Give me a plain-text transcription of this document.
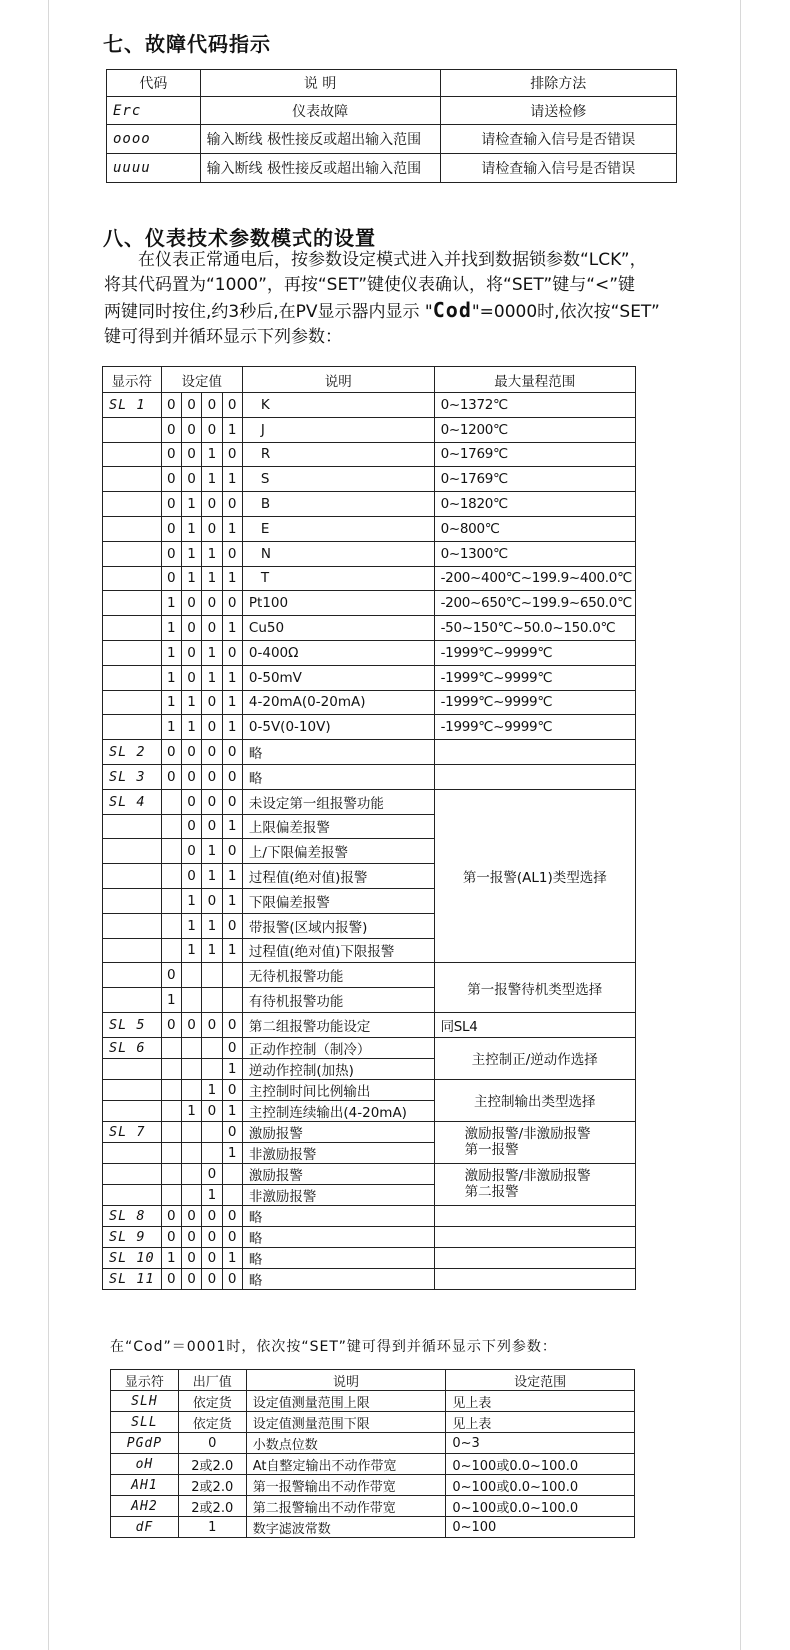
七、故障代码指示
代码	说 明	排除方法
Erc	仪表故障	请送检修
oooo	输入断线 极性接反或超出输入范围	请检查输入信号是否错误
uuuu	输入断线 极性接反或超出输入范围	请检查输入信号是否错误
八、仪表技术参数模式的设置

　　在仪表正常通电后，按参数设定模式进入并找到数据锁参数“LCK”，

将其代码置为“1000”，再按“SET”键使仪表确认，将“SET”键与“<”键

两键同时按住,约3秒后,在PV显示器内显示 "Cod"=0000时,依次按“SET”

键可得到并循环显示下列参数：

显示符	设定值				说明	最大量程范围
SL 1	0	0	0	0	K	0~1372℃
	0	0	0	1	J	0~1200℃
	0	0	1	0	R	0~1769℃
	0	0	1	1	S	0~1769℃
	0	1	0	0	B	0~1820℃
	0	1	0	1	E	0~800℃
	0	1	1	0	N	0~1300℃
	0	1	1	1	T	-200~400℃~199.9~400.0℃
	1	0	0	0	Pt100	-200~650℃~199.9~650.0℃
	1	0	0	1	Cu50	-50~150℃~50.0~150.0℃
	1	0	1	0	0-400Ω	-1999℃~9999℃
	1	0	1	1	0-50mV	-1999℃~9999℃
	1	1	0	1	4-20mA(0-20mA)	-1999℃~9999℃
	1	1	0	1	0-5V(0-10V)	-1999℃~9999℃
SL 2	0	0	0	0	略	
SL 3	0	0	0	0	略	
SL 4		0	0	0	未设定第一组报警功能	第一报警(AL1)类型选择
		0	0	1	上限偏差报警	
		0	1	0	上/下限偏差报警	
		0	1	1	过程值(绝对值)报警	
		1	0	1	下限偏差报警	
		1	1	0	带报警(区域内报警)	
		1	1	1	过程值(绝对值)下限报警	
	0				无待机报警功能	第一报警待机类型选择
	1				有待机报警功能	
SL 5	0	0	0	0	第二组报警功能设定	同SL4
SL 6				0	正动作控制（制冷）	主控制正/逆动作选择
				1	逆动作控制(加热)	
			1	0	主控制时间比例输出	主控制输出类型选择
		1	0	1	主控制连续输出(4-20mA)	
SL 7				0	激励报警	激励报警/非激励报警
第一报警

				1	非激励报警	
			0		激励报警	激励报警/非激励报警
第二报警

			1		非激励报警	
SL 8	0	0	0	0	略	
SL 9	0	0	0	0	略	
SL 10	1	0	0	1	略	
SL 11	0	0	0	0	略	
在“Cod”＝0001时，依次按“SET”键可得到并循环显示下列参数：
显示符	出厂值	说明	设定范围
SLH	依定货	设定值测量范围上限	见上表
SLL	依定货	设定值测量范围下限	见上表
PGdP	0	小数点位数	0~3
oH	2或2.0	At自整定输出不动作带宽	0~100或0.0~100.0
AH1	2或2.0	第一报警输出不动作带宽	0~100或0.0~100.0
AH2	2或2.0	第二报警输出不动作带宽	0~100或0.0~100.0
dF	1	数字滤波常数	0~100
